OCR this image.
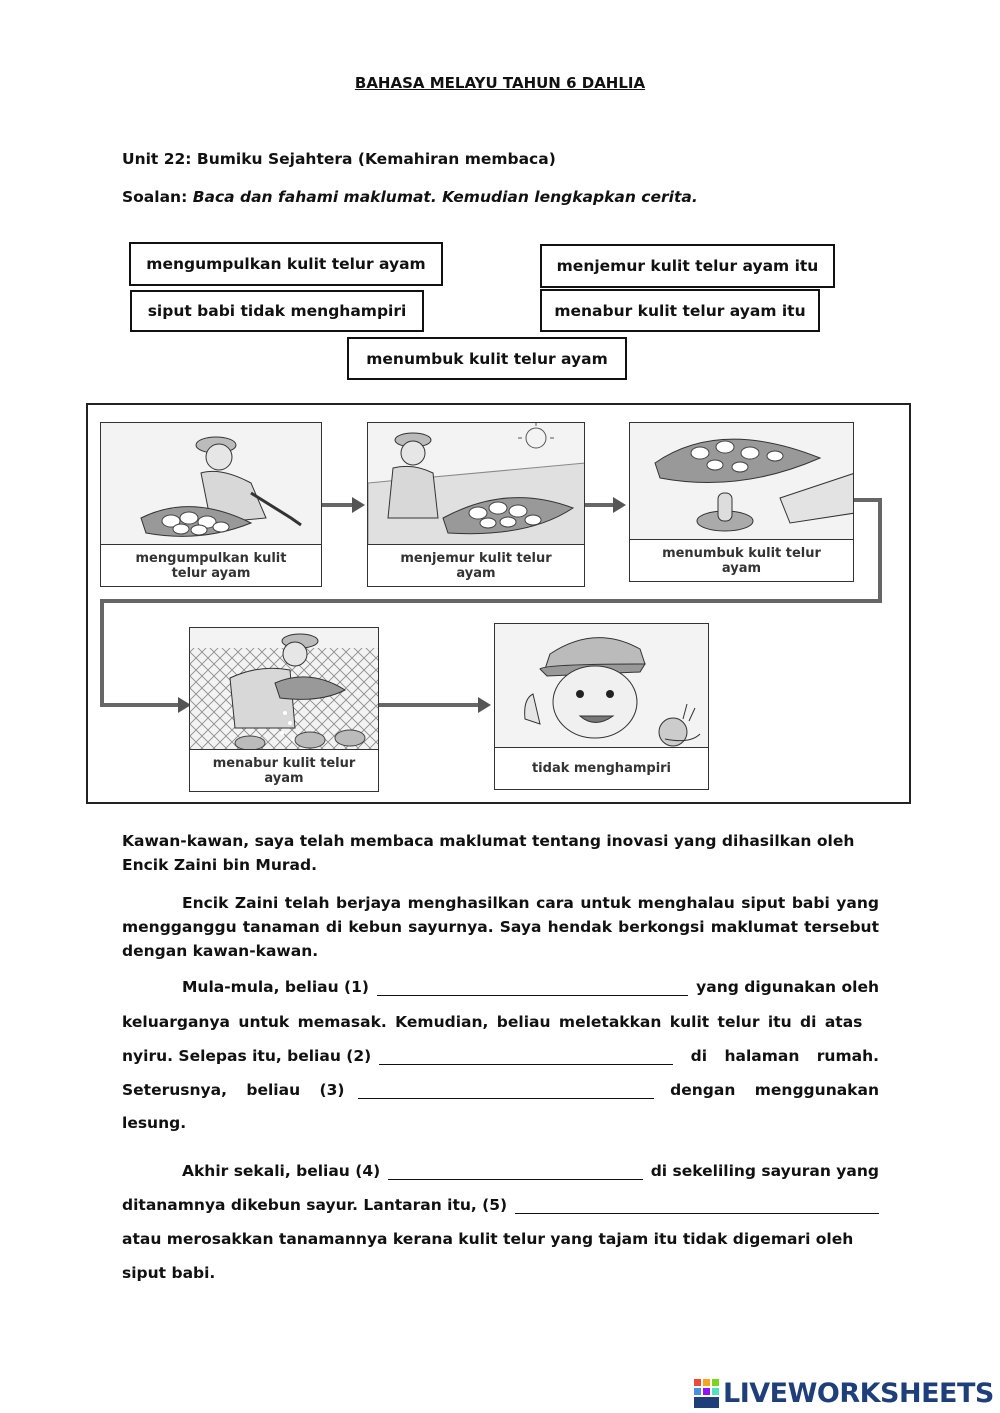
BAHASA MELAYU TAHUN 6 DAHLIA
Unit 22: Bumiku Sejahtera (Kemahiran membaca)
Soalan: Baca dan fahami maklumat. Kemudian lengkapkan cerita.
mengumpulkan kulit telur ayam	menjemur kulit telur ayam itu
siput babi tidak menghampiri	menabur kulit telur ayam itu
menumbuk kulit telur ayam
mengumpulkan kulit
telur ayam
menjemur kulit telur
ayam
menumbuk kulit telur
ayam
menabur kulit telur
ayam
tidak menghampiri
Kawan-kawan, saya telah membaca maklumat tentang inovasi yang dihasilkan oleh Encik Zaini bin Murad.
Encik Zaini telah berjaya menghasilkan cara untuk menghalau siput babi yang mengganggu tanaman di kebun sayurnya. Saya hendak berkongsi maklumat tersebut dengan kawan-kawan.
Mula-mula, beliau (1)	yang digunakan oleh
keluarganya untuk memasak. Kemudian, beliau meletakkan kulit telur itu di atas
nyiru. Selepas itu, beliau (2)	di halaman rumah.
Seterusnya, beliau (3)	dengan menggunakan
lesung.
Akhir sekali, beliau (4)	di sekeliling sayuran yang
ditanamnya dikebun sayur. Lantaran itu, (5)
atau merosakkan tanamannya kerana kulit telur yang tajam itu tidak digemari oleh
siput babi.
LIVEWORKSHEETS
